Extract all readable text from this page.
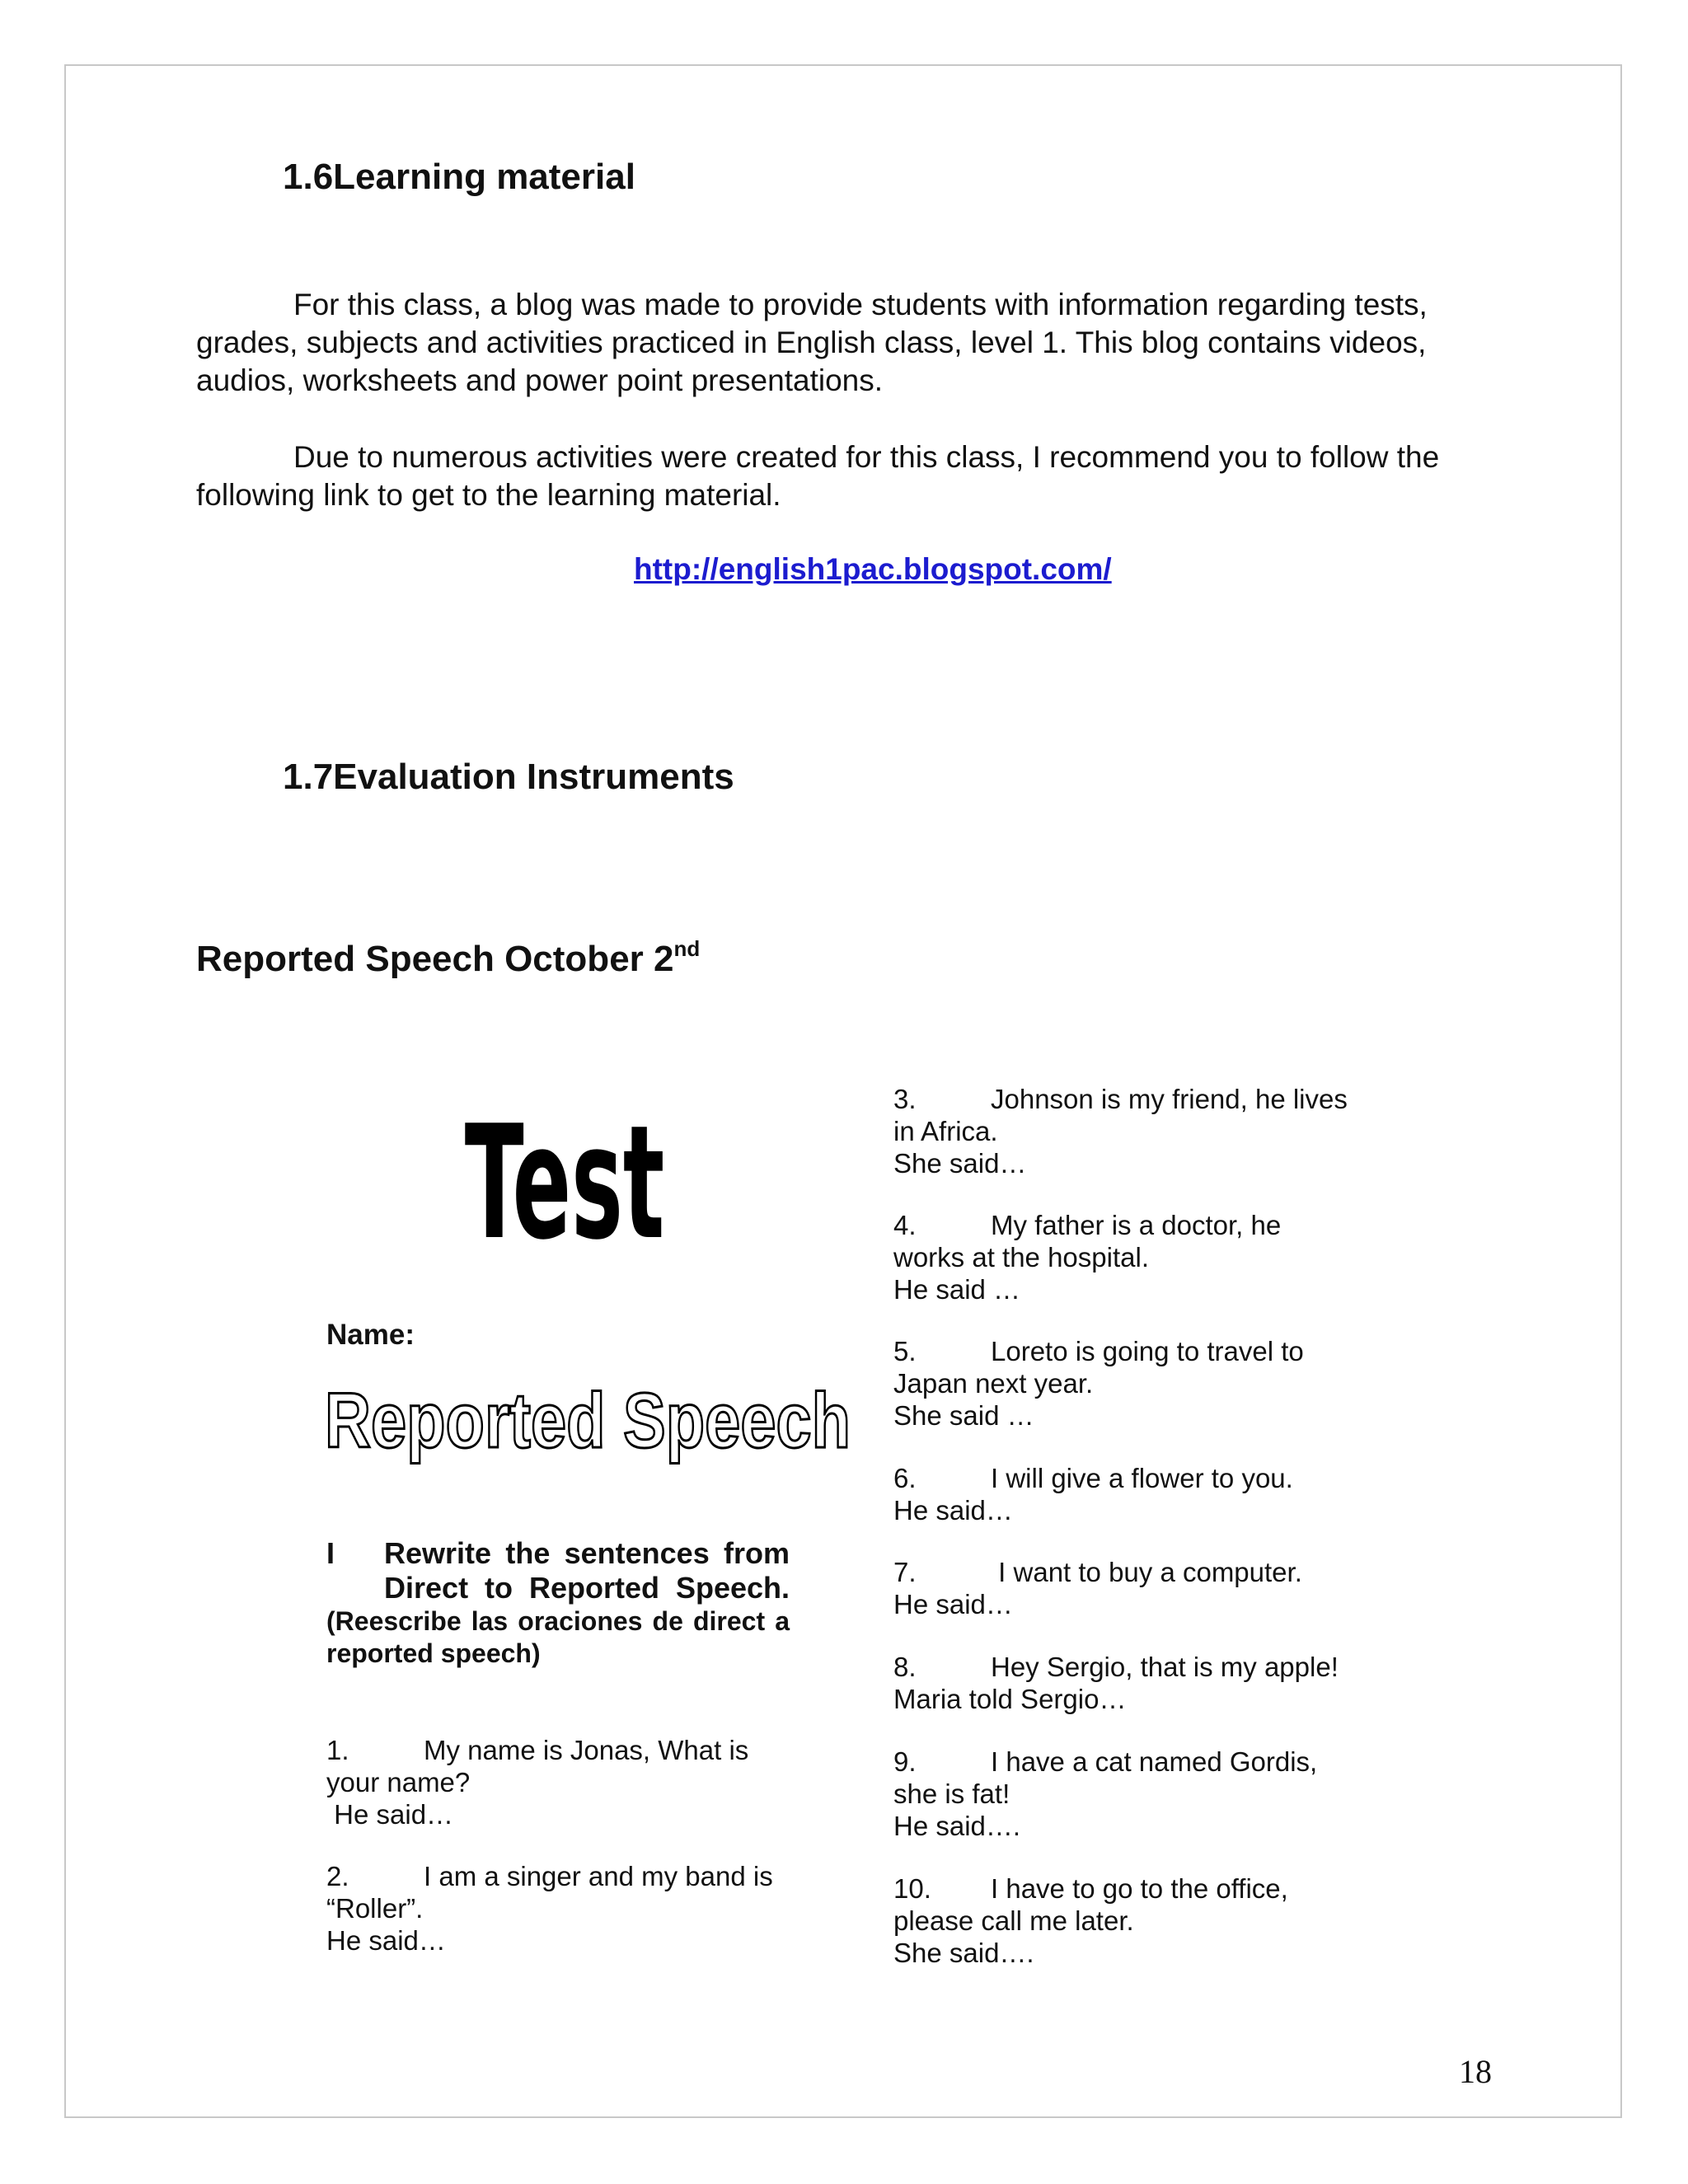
1.6Learning material
For this class, a blog was made to provide students with information regarding tests, grades, subjects and activities practiced in English class, level 1. This blog contains videos, audios, worksheets and power point presentations.
Due to numerous activities were created for this class, I recommend you to follow the following link to get to the learning material.
http://english1pac.blogspot.com/
1.7Evaluation Instruments
Reported Speech October 2nd
Test
Name:
Reported Speech
I Rewrite the sentences from Direct to Reported Speech.
(Reescribe las oraciones de direct a reported speech)
1.	My name is Jonas, What is
your name?
He said…
2.	I am a singer and my band is
“Roller”.
He said…
3.	Johnson is my friend, he lives
in Africa.
She said…
4.	My father is a doctor, he
works at the hospital.
He said …
5.	Loreto is going to travel to
Japan next year.
She said …
6.	I will give a flower to you.
He said…
7.	I want to buy a computer.
He said…
8.	Hey Sergio, that is my apple!
Maria told Sergio…
9.	I have a cat named Gordis,
she is fat!
He said….
10. I have to go to the office,
please call me later.
She said….
18
